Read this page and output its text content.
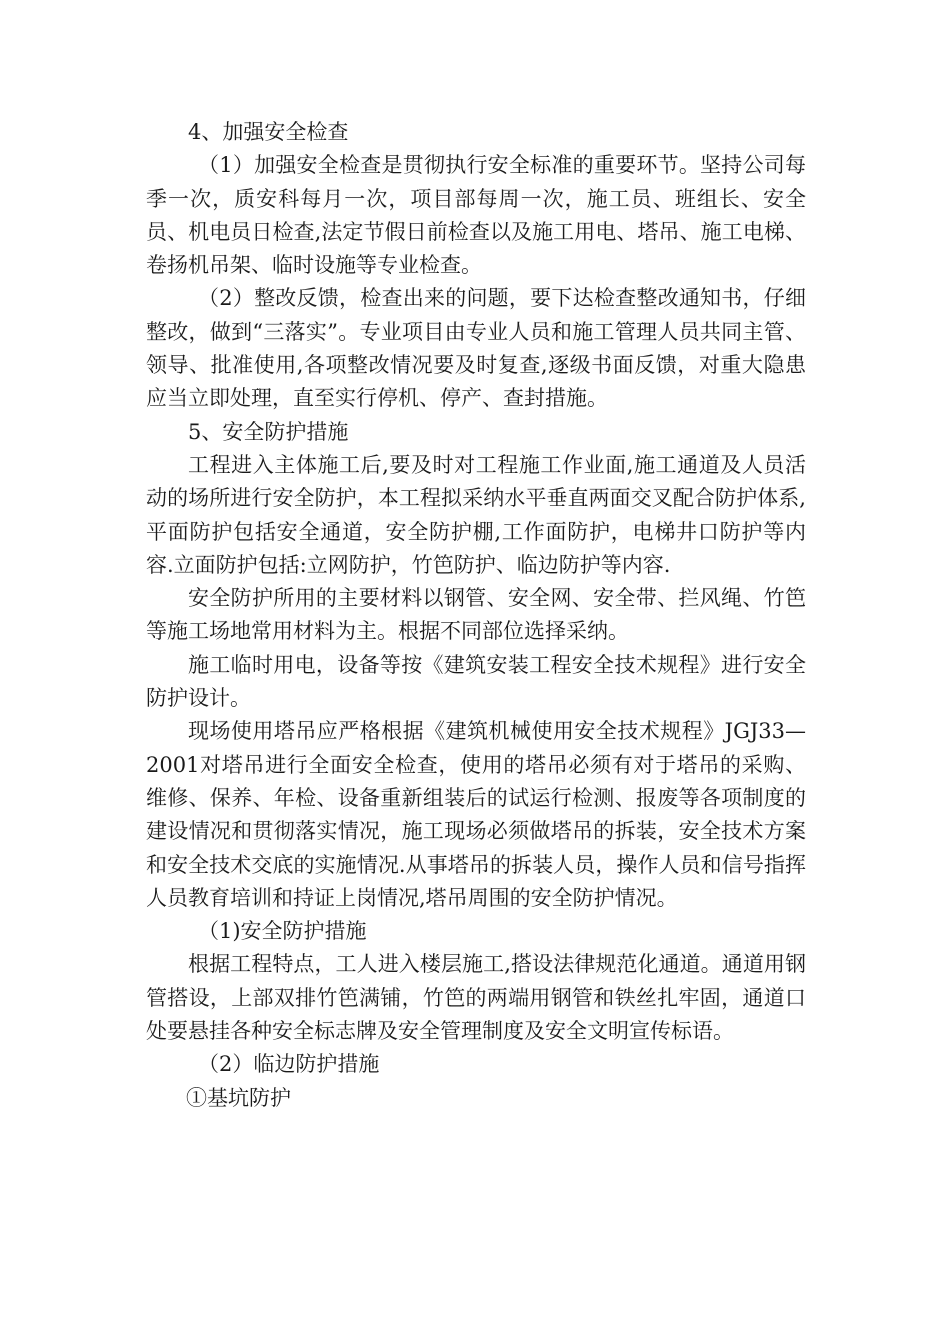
4、加强安全检查

（1）加强安全检查是贯彻执行安全标准的重要环节。坚持公司每季一次，质安科每月一次，项目部每周一次，施工员、班组长、安全员、机电员日检查,法定节假日前检查以及施工用电、塔吊、施工电梯、卷扬机吊架、临时设施等专业检查。

（2）整改反馈，检查出来的问题，要下达检查整改通知书，仔细整改，做到“三落实”。专业项目由专业人员和施工管理人员共同主管、领导、批准使用,各项整改情况要及时复查,逐级书面反馈，对重大隐患应当立即处理，直至实行停机、停产、查封措施。

5、安全防护措施

工程进入主体施工后,要及时对工程施工作业面,施工通道及人员活动的场所进行安全防护，本工程拟采纳水平垂直两面交叉配合防护体系,平面防护包括安全通道，安全防护棚,工作面防护，电梯井口防护等内容.立面防护包括:立网防护，竹笆防护、临边防护等内容.

安全防护所用的主要材料以钢管、安全网、安全带、拦风绳、竹笆等施工场地常用材料为主。根据不同部位选择采纳。

施工临时用电，设备等按《建筑安装工程安全技术规程》进行安全防护设计。

现场使用塔吊应严格根据《建筑机械使用安全技术规程》JGJ33—2001对塔吊进行全面安全检查，使用的塔吊必须有对于塔吊的采购、维修、保养、年检、设备重新组装后的试运行检测、报废等各项制度的建设情况和贯彻落实情况，施工现场必须做塔吊的拆装，安全技术方案和安全技术交底的实施情况.从事塔吊的拆装人员，操作人员和信号指挥人员教育培训和持证上岗情况,塔吊周围的安全防护情况。

（1)安全防护措施

根据工程特点，工人进入楼层施工,搭设法律规范化通道。通道用钢管搭设，上部双排竹笆满铺，竹笆的两端用钢管和铁丝扎牢固，通道口处要悬挂各种安全标志牌及安全管理制度及安全文明宣传标语。

（2）临边防护措施

①基坑防护
